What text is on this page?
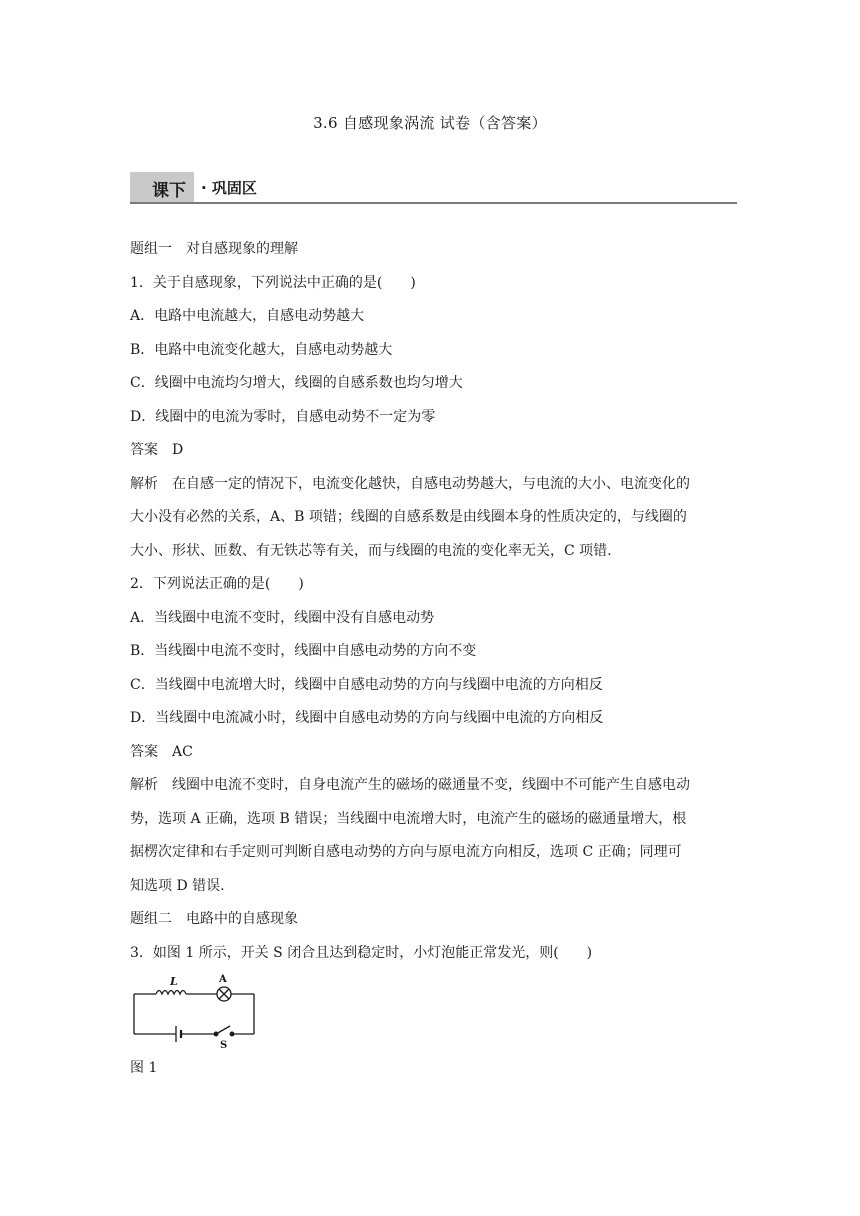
3.6 自感现象涡流 试卷（含答案）
课下 · 巩固区

题组一　对自感现象的理解

1．关于自感现象，下列说法中正确的是(　　)

A．电路中电流越大，自感电动势越大

B．电路中电流变化越大，自感电动势越大

C．线圈中电流均匀增大，线圈的自感系数也均匀增大

D．线圈中的电流为零时，自感电动势不一定为零

答案　D

解析　在自感一定的情况下，电流变化越快，自感电动势越大，与电流的大小、电流变化的

大小没有必然的关系，A、B 项错；线圈的自感系数是由线圈本身的性质决定的，与线圈的

大小、形状、匝数、有无铁芯等有关，而与线圈的电流的变化率无关，C 项错.

2．下列说法正确的是(　　)

A．当线圈中电流不变时，线圈中没有自感电动势

B．当线圈中电流不变时，线圈中自感电动势的方向不变

C．当线圈中电流增大时，线圈中自感电动势的方向与线圈中电流的方向相反

D．当线圈中电流减小时，线圈中自感电动势的方向与线圈中电流的方向相反

答案　AC

解析　线圈中电流不变时，自身电流产生的磁场的磁通量不变，线圈中不可能产生自感电动

势，选项 A 正确，选项 B 错误；当线圈中电流增大时，电流产生的磁场的磁通量增大，根

据楞次定律和右手定则可判断自感电动势的方向与原电流方向相反，选项 C 正确；同理可

知选项 D 错误.

题组二　电路中的自感现象

3．如图 1 所示，开关 S 闭合且达到稳定时，小灯泡能正常发光，则(　　)

L	A
S

图 1
